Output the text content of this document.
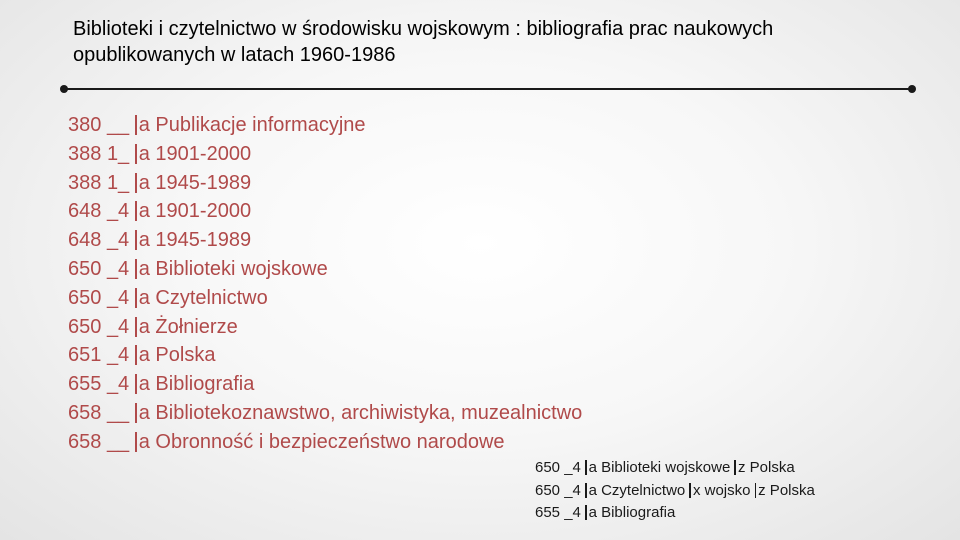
Biblioteki i czytelnictwo w środowisku wojskowym : bibliografia prac naukowych opublikowanych w latach 1960-1986
380 __ a Publikacje informacyjne
388 1_ a 1901-2000
388 1_ a 1945-1989
648 _4 a 1901-2000
648 _4 a 1945-1989
650 _4 a Biblioteki wojskowe
650 _4 a Czytelnictwo
650 _4 a Żołnierze
651 _4 a Polska
655 _4 a Bibliografia
658 __ a Bibliotekoznawstwo, archiwistyka, muzealnictwo
658 __ a Obronność i bezpieczeństwo narodowe
650 _4 a Biblioteki wojskowe z Polska
650 _4 a Czytelnictwo x wojsko z Polska
655 _4 a Bibliografia
